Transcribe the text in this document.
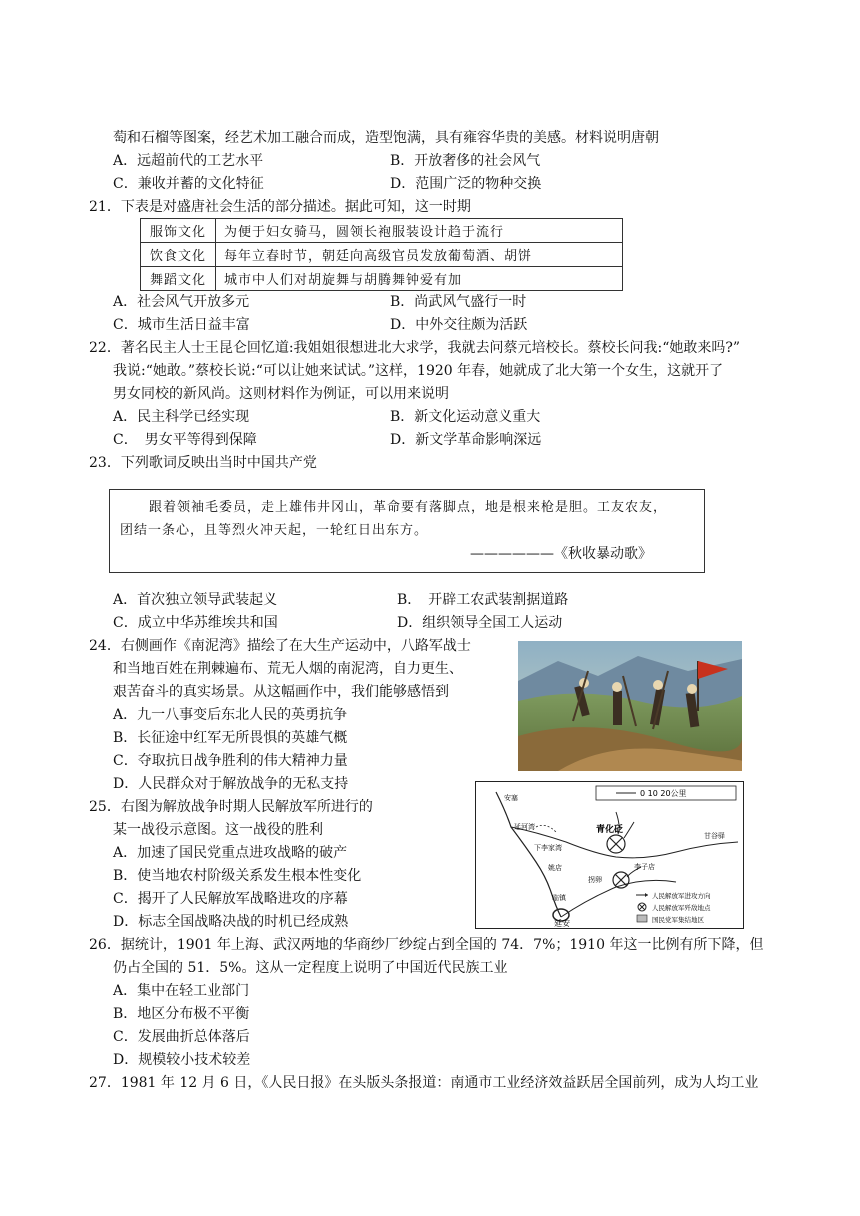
萄和石榴等图案，经艺术加工融合而成，造型饱满，具有雍容华贵的美感。材料说明唐朝
A．远超前代的工艺水平	B．开放奢侈的社会风气
C．兼收并蓄的文化特征	D．范围广泛的物种交换
21．下表是对盛唐社会生活的部分描述。据此可知，这一时期
服饰文化	为便于妇女骑马，圆领长袍服装设计趋于流行
饮食文化	每年立春时节，朝廷向高级官员发放葡萄酒、胡饼
舞蹈文化	城市中人们对胡旋舞与胡腾舞钟爱有加
A．社会风气开放多元	B．尚武风气盛行一时
C．城市生活日益丰富	D．中外交往颇为活跃
22．著名民主人士王昆仑回忆道:我姐姐很想进北大求学，我就去问蔡元培校长。蔡校长问我:“她敢来吗?”
我说:“她敢。”蔡校长说:“可以让她来试试。”这样，1920 年春，她就成了北大第一个女生，这就开了
男女同校的新风尚。这则材料作为例证，可以用来说明
A．民主科学已经实现	B．新文化运动意义重大
C．　男女平等得到保障	D．新文学革命影响深远
23．下列歌词反映出当时中国共产党
跟着领袖毛委员，走上雄伟井冈山，革命要有落脚点，地是根来枪是胆。工友农友，
团结一条心，且等烈火冲天起，一轮红日出东方。
——————《秋收暴动歌》
A．首次独立领导武装起义	B．　开辟工农武装割据道路
C．成立中华苏维埃共和国	D．组织领导全国工人运动
24．右侧画作《南泥湾》描绘了在大生产运动中，八路军战士
和当地百姓在荆棘遍布、荒无人烟的南泥湾，自力更生、
艰苦奋斗的真实场景。从这幅画作中，我们能够感悟到
A．九一八事变后东北人民的英勇抗争
B．长征途中红军无所畏惧的英雄气概
C．夺取抗日战争胜利的伟大精神力量
D．人民群众对于解放战争的无私支持
25．右图为解放战争时期人民解放军所进行的
某一战役示意图。这一战役的胜利
A．加速了国民党重点进攻战略的破产
B．使当地农村阶级关系发生根本性变化
C．揭开了人民解放军战略进攻的序幕
D．标志全国战略决战的时机已经成熟
0 10 20公里
安塞
延河湾	青化砭
下李家湾
拐卵
李子店
甘谷驿
姚店
临镇
延安
人民解放军进攻方向
人民解放军歼敌地点
国民党军集结地区
26．据统计，1901 年上海、武汉两地的华商纱厂纱绽占到全国的 74．7%；1910 年这一比例有所下降，但
仍占全国的 51．5%。这从一定程度上说明了中国近代民族工业
A．集中在轻工业部门
B．地区分布极不平衡
C．发展曲折总体落后
D．规模较小技术较差
27．1981 年 12 月 6 日，《人民日报》在头版头条报道：南通市工业经济效益跃居全国前列，成为人均工业
